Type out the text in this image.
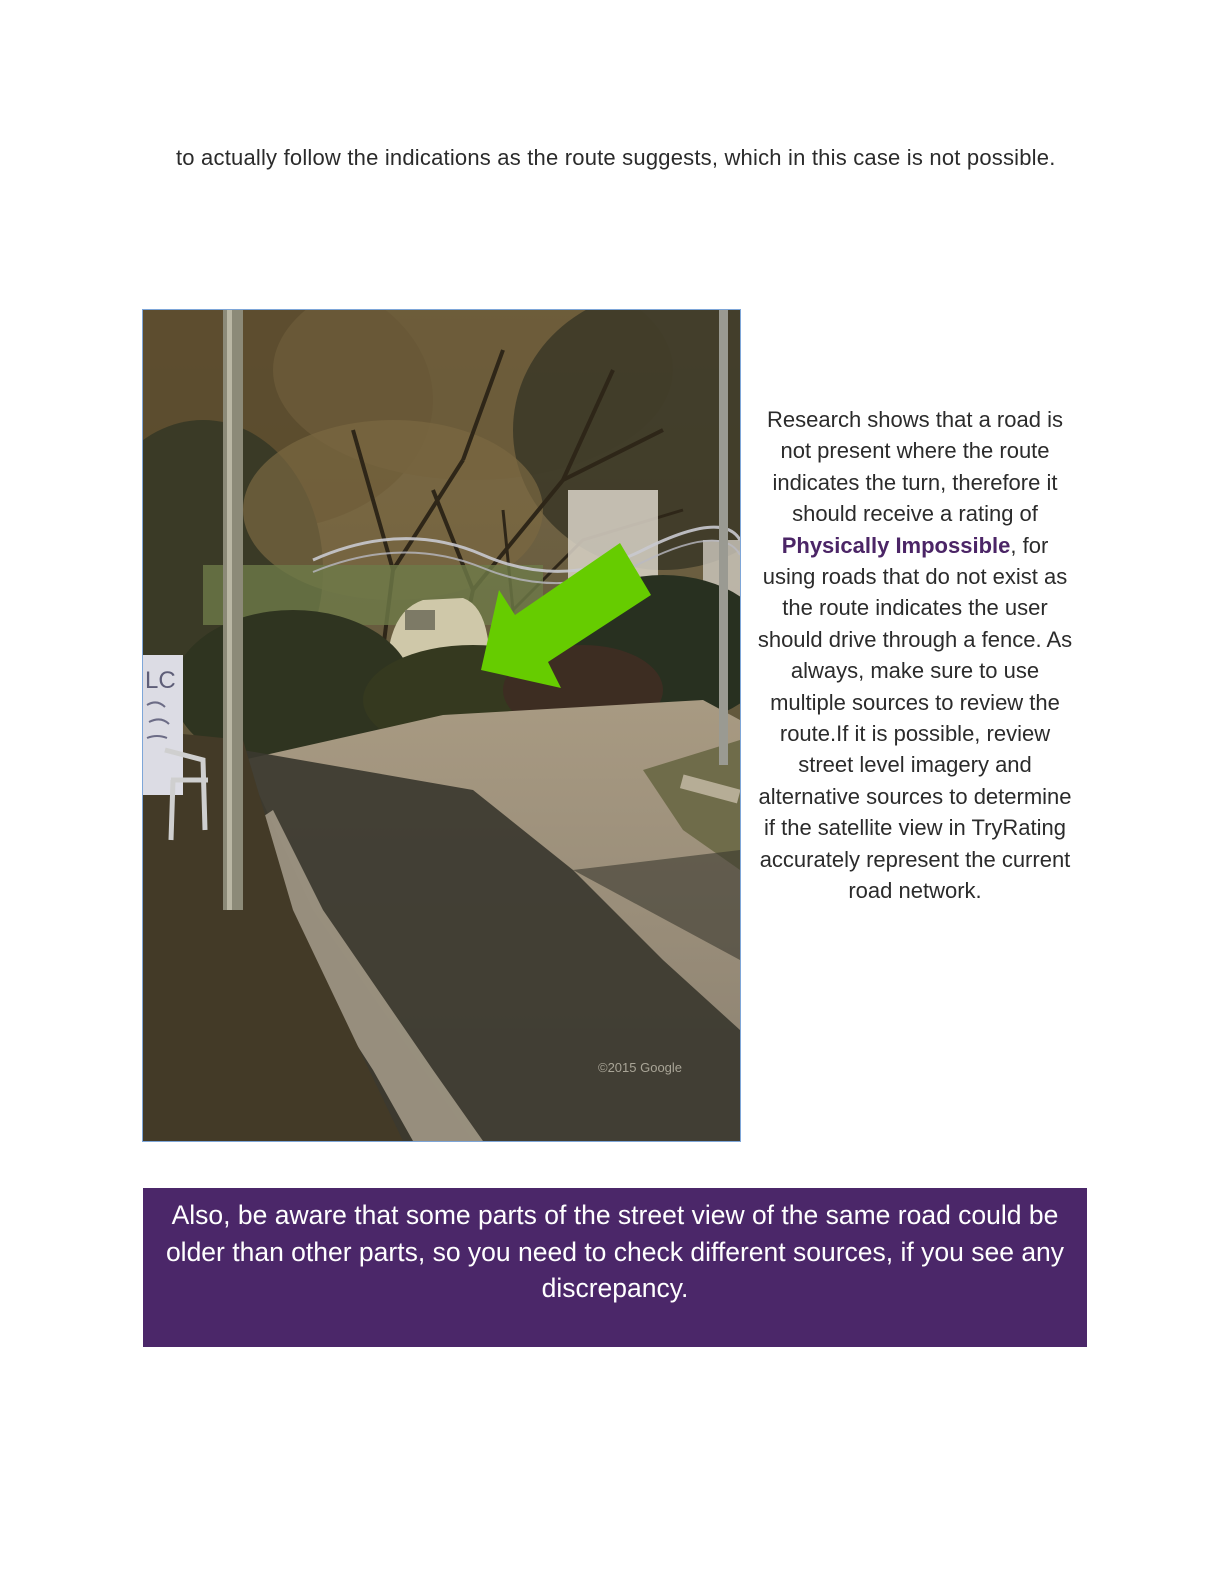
to actually follow the indications as the route suggests, which in this case is not possible.

LC
©2015 Google

Research shows that a road is not present where the route indicates the turn, therefore it should receive a rating of Physically Impossible, for using roads that do not exist as the route indicates the user should drive through a fence. As always, make sure to use multiple sources to review the route.If it is possible, review street level imagery and alternative sources to determine if the satellite view in TryRating accurately represent the current road network.

Also, be aware that some parts of the street view of the same road could be older than other parts, so you need to check different sources, if you see any discrepancy.
